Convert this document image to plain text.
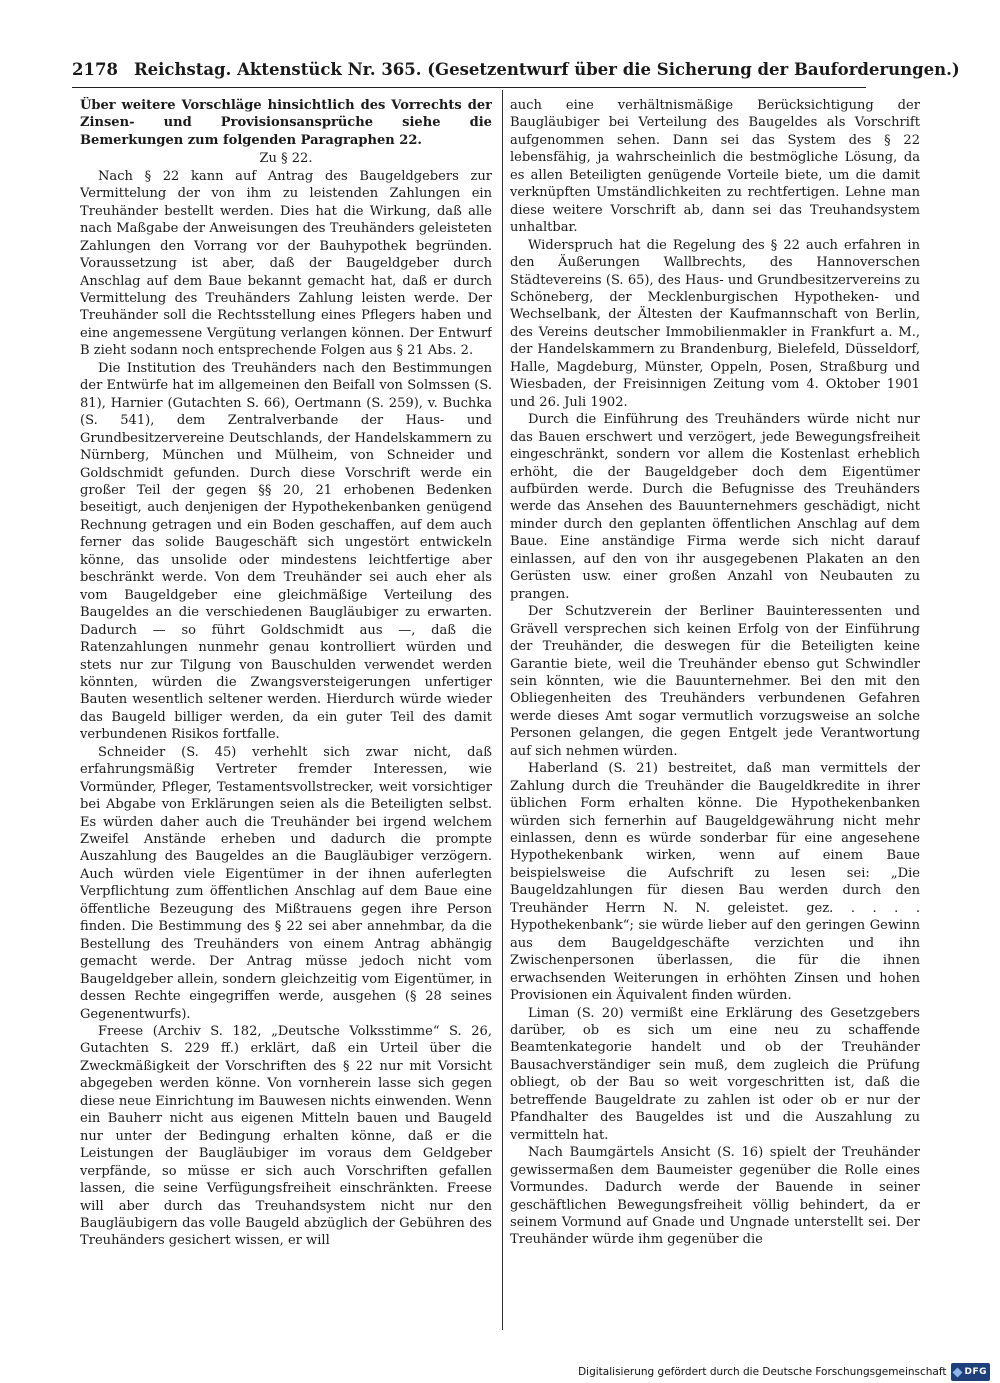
2178 Reichstag. Aktenstück Nr. 365. (Gesetzentwurf über die Sicherung der Bauforderungen.)

Über weitere Vorschläge hinsichtlich des Vorrechts der Zinsen- und Provisionsansprüche siehe die Bemerkungen zum folgenden Paragraphen 22.

Zu § 22.

Nach § 22 kann auf Antrag des Baugeldgebers zur Vermittelung der von ihm zu leistenden Zahlungen ein Treuhänder bestellt werden. Dies hat die Wirkung, daß alle nach Maßgabe der Anweisungen des Treuhänders geleisteten Zahlungen den Vorrang vor der Bauhypothek begründen. Voraussetzung ist aber, daß der Baugeldgeber durch Anschlag auf dem Baue bekannt gemacht hat, daß er durch Vermittelung des Treuhänders Zahlung leisten werde. Der Treuhänder soll die Rechtsstellung eines Pflegers haben und eine angemessene Vergütung verlangen können. Der Entwurf B zieht sodann noch entsprechende Folgen aus § 21 Abs. 2.

Die Institution des Treuhänders nach den Bestimmungen der Entwürfe hat im allgemeinen den Beifall von Solmssen (S. 81), Harnier (Gutachten S. 66), Oertmann (S. 259), v. Buchka (S. 541), dem Zentralverbande der Haus- und Grundbesitzervereine Deutschlands, der Handelskammern zu Nürnberg, München und Mülheim, von Schneider und Goldschmidt gefunden. Durch diese Vorschrift werde ein großer Teil der gegen §§ 20, 21 erhobenen Bedenken beseitigt, auch denjenigen der Hypothekenbanken genügend Rechnung getragen und ein Boden geschaffen, auf dem auch ferner das solide Baugeschäft sich ungestört entwickeln könne, das unsolide oder mindestens leichtfertige aber beschränkt werde. Von dem Treuhänder sei auch eher als vom Baugeldgeber eine gleichmäßige Verteilung des Baugeldes an die verschiedenen Baugläubiger zu erwarten. Dadurch — so führt Goldschmidt aus —, daß die Ratenzahlungen nunmehr genau kontrolliert würden und stets nur zur Tilgung von Bauschulden verwendet werden könnten, würden die Zwangsversteigerungen unfertiger Bauten wesentlich seltener werden. Hierdurch würde wieder das Baugeld billiger werden, da ein guter Teil des damit verbundenen Risikos fortfalle.

Schneider (S. 45) verhehlt sich zwar nicht, daß erfahrungsmäßig Vertreter fremder Interessen, wie Vormünder, Pfleger, Testamentsvollstrecker, weit vorsichtiger bei Abgabe von Erklärungen seien als die Beteiligten selbst. Es würden daher auch die Treuhänder bei irgend welchem Zweifel Anstände erheben und dadurch die prompte Auszahlung des Baugeldes an die Baugläubiger verzögern. Auch würden viele Eigentümer in der ihnen auferlegten Verpflichtung zum öffentlichen Anschlag auf dem Baue eine öffentliche Bezeugung des Mißtrauens gegen ihre Person finden. Die Bestimmung des § 22 sei aber annehmbar, da die Bestellung des Treuhänders von einem Antrag abhängig gemacht werde. Der Antrag müsse jedoch nicht vom Baugeldgeber allein, sondern gleichzeitig vom Eigentümer, in dessen Rechte eingegriffen werde, ausgehen (§ 28 seines Gegenentwurfs).

Freese (Archiv S. 182, „Deutsche Volksstimme“ S. 26, Gutachten S. 229 ff.) erklärt, daß ein Urteil über die Zweckmäßigkeit der Vorschriften des § 22 nur mit Vorsicht abgegeben werden könne. Von vornherein lasse sich gegen diese neue Einrichtung im Bauwesen nichts einwenden. Wenn ein Bauherr nicht aus eigenen Mitteln bauen und Baugeld nur unter der Bedingung erhalten könne, daß er die Leistungen der Baugläubiger im voraus dem Geldgeber verpfände, so müsse er sich auch Vorschriften gefallen lassen, die seine Verfügungsfreiheit einschränkten. Freese will aber durch das Treuhandsystem nicht nur den Baugläubigern das volle Baugeld abzüglich der Gebühren des Treuhänders gesichert wissen, er will

auch eine verhältnismäßige Berücksichtigung der Baugläubiger bei Verteilung des Baugeldes als Vorschrift aufgenommen sehen. Dann sei das System des § 22 lebensfähig, ja wahrscheinlich die bestmögliche Lösung, da es allen Beteiligten genügende Vorteile biete, um die damit verknüpften Umständlichkeiten zu rechtfertigen. Lehne man diese weitere Vorschrift ab, dann sei das Treuhandsystem unhaltbar.

Widerspruch hat die Regelung des § 22 auch erfahren in den Äußerungen Wallbrechts, des Hannoverschen Städtevereins (S. 65), des Haus- und Grundbesitzervereins zu Schöneberg, der Mecklenburgischen Hypotheken- und Wechselbank, der Ältesten der Kaufmannschaft von Berlin, des Vereins deutscher Immobilienmakler in Frankfurt a. M., der Handelskammern zu Brandenburg, Bielefeld, Düsseldorf, Halle, Magdeburg, Münster, Oppeln, Posen, Straßburg und Wiesbaden, der Freisinnigen Zeitung vom 4. Oktober 1901 und 26. Juli 1902.

Durch die Einführung des Treuhänders würde nicht nur das Bauen erschwert und verzögert, jede Bewegungsfreiheit eingeschränkt, sondern vor allem die Kostenlast erheblich erhöht, die der Baugeldgeber doch dem Eigentümer aufbürden werde. Durch die Befugnisse des Treuhänders werde das Ansehen des Bauunternehmers geschädigt, nicht minder durch den geplanten öffentlichen Anschlag auf dem Baue. Eine anständige Firma werde sich nicht darauf einlassen, auf den von ihr ausgegebenen Plakaten an den Gerüsten usw. einer großen Anzahl von Neubauten zu prangen.

Der Schutzverein der Berliner Bauinteressenten und Grävell versprechen sich keinen Erfolg von der Einführung der Treuhänder, die deswegen für die Beteiligten keine Garantie biete, weil die Treuhänder ebenso gut Schwindler sein könnten, wie die Bauunternehmer. Bei den mit den Obliegenheiten des Treuhänders verbundenen Gefahren werde dieses Amt sogar vermutlich vorzugsweise an solche Personen gelangen, die gegen Entgelt jede Verantwortung auf sich nehmen würden.

Haberland (S. 21) bestreitet, daß man vermittels der Zahlung durch die Treuhänder die Baugeldkredite in ihrer üblichen Form erhalten könne. Die Hypothekenbanken würden sich fernerhin auf Baugeldgewährung nicht mehr einlassen, denn es würde sonderbar für eine angesehene Hypothekenbank wirken, wenn auf einem Baue beispielsweise die Aufschrift zu lesen sei: „Die Baugeldzahlungen für diesen Bau werden durch den Treuhänder Herrn N. N. geleistet. gez. . . . . Hypothekenbank“; sie würde lieber auf den geringen Gewinn aus dem Baugeldgeschäfte verzichten und ihn Zwischenpersonen überlassen, die für die ihnen erwachsenden Weiterungen in erhöhten Zinsen und hohen Provisionen ein Äquivalent finden würden.

Liman (S. 20) vermißt eine Erklärung des Gesetzgebers darüber, ob es sich um eine neu zu schaffende Beamtenkategorie handelt und ob der Treuhänder Bausachverständiger sein muß, dem zugleich die Prüfung obliegt, ob der Bau so weit vorgeschritten ist, daß die betreffende Baugeldrate zu zahlen ist oder ob er nur der Pfandhalter des Baugeldes ist und die Auszahlung zu vermitteln hat.

Nach Baumgärtels Ansicht (S. 16) spielt der Treuhänder gewissermaßen dem Baumeister gegenüber die Rolle eines Vormundes. Dadurch werde der Bauende in seiner geschäftlichen Bewegungsfreiheit völlig behindert, da er seinem Vormund auf Gnade und Ungnade unterstellt sei. Der Treuhänder würde ihm gegenüber die

Digitalisierung gefördert durch die Deutsche Forschungsgemeinschaft DFG
